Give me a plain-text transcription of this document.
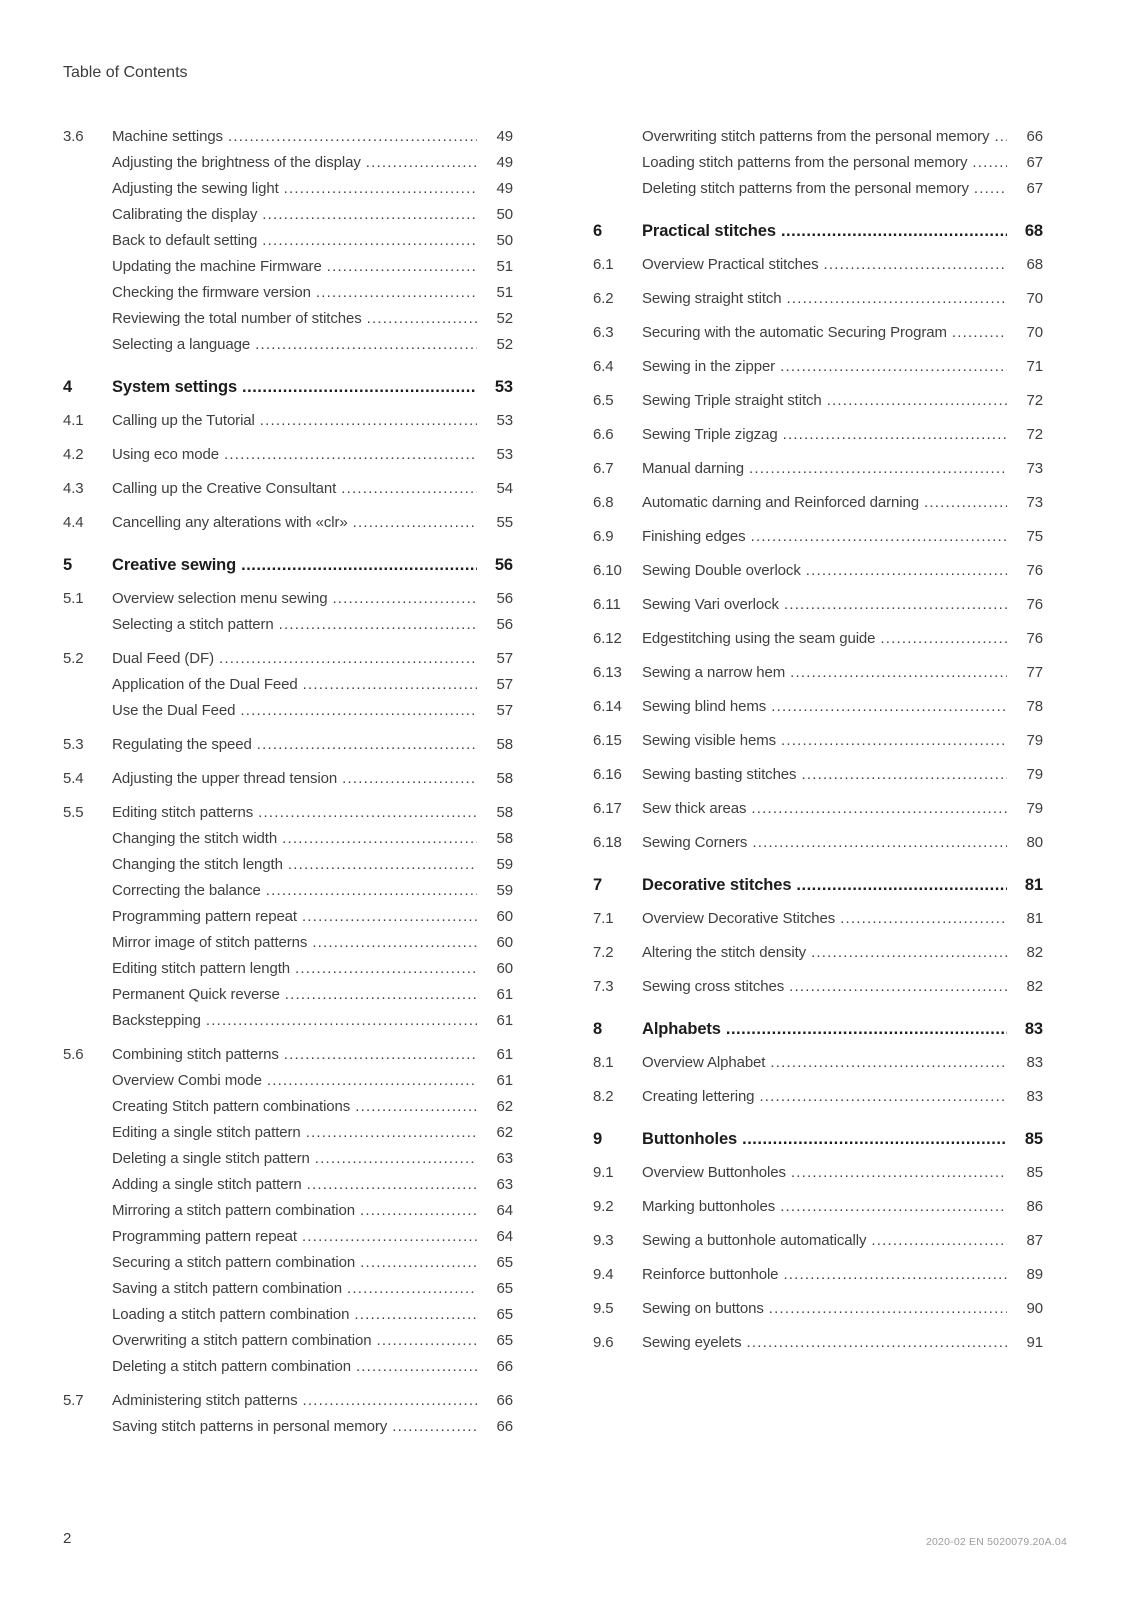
Table of Contents
3.6	Machine settings .....	49
Adjusting the brightness of the display .....	49
Adjusting the sewing light .....	49
Calibrating the display .....	50
Back to default setting .....	50
Updating the machine Firmware .....	51
Checking the firmware version .....	51
Reviewing the total number of stitches .....	52
Selecting a language .....	52
4	System settings .....	53
4.1	Calling up the Tutorial .....	53
4.2	Using eco mode .....	53
4.3	Calling up the Creative Consultant .....	54
4.4	Cancelling any alterations with «clr» .....	55
5	Creative sewing .....	56
5.1	Overview selection menu sewing .....	56
Selecting a stitch pattern .....	56
5.2	Dual Feed (DF) .....	57
Application of the Dual Feed .....	57
Use the Dual Feed .....	57
5.3	Regulating the speed .....	58
5.4	Adjusting the upper thread tension .....	58
5.5	Editing stitch patterns .....	58
Changing the stitch width .....	58
Changing the stitch length .....	59
Correcting the balance .....	59
Programming pattern repeat .....	60
Mirror image of stitch patterns .....	60
Editing stitch pattern length .....	60
Permanent Quick reverse .....	61
Backstepping .....	61
5.6	Combining stitch patterns .....	61
Overview Combi mode .....	61
Creating Stitch pattern combinations .....	62
Editing a single stitch pattern .....	62
Deleting a single stitch pattern .....	63
Adding a single stitch pattern .....	63
Mirroring a stitch pattern combination .....	64
Programming pattern repeat .....	64
Securing a stitch pattern combination .....	65
Saving a stitch pattern combination .....	65
Loading a stitch pattern combination .....	65
Overwriting a stitch pattern combination .....	65
Deleting a stitch pattern combination .....	66
5.7	Administering stitch patterns .....	66
Saving stitch patterns in personal memory .....	66
Overwriting stitch patterns from the personal memory .....	66
Loading stitch patterns from the personal memory .....	67
Deleting stitch patterns from the personal memory .....	67
6	Practical stitches .....	68
6.1	Overview Practical stitches .....	68
6.2	Sewing straight stitch .....	70
6.3	Securing with the automatic Securing Program .....	70
6.4	Sewing in the zipper .....	71
6.5	Sewing Triple straight stitch .....	72
6.6	Sewing Triple zigzag .....	72
6.7	Manual darning .....	73
6.8	Automatic darning and Reinforced darning .....	73
6.9	Finishing edges .....	75
6.10	Sewing Double overlock .....	76
6.11	Sewing Vari overlock .....	76
6.12	Edgestitching using the seam guide .....	76
6.13	Sewing a narrow hem .....	77
6.14	Sewing blind hems .....	78
6.15	Sewing visible hems .....	79
6.16	Sewing basting stitches .....	79
6.17	Sew thick areas .....	79
6.18	Sewing Corners .....	80
7	Decorative stitches .....	81
7.1	Overview Decorative Stitches .....	81
7.2	Altering the stitch density .....	82
7.3	Sewing cross stitches .....	82
8	Alphabets .....	83
8.1	Overview Alphabet .....	83
8.2	Creating lettering .....	83
9	Buttonholes .....	85
9.1	Overview Buttonholes .....	85
9.2	Marking buttonholes .....	86
9.3	Sewing a buttonhole automatically .....	87
9.4	Reinforce buttonhole .....	89
9.5	Sewing on buttons .....	90
9.6	Sewing eyelets .....	91
2	2020-02 EN 5020079.20A.04
